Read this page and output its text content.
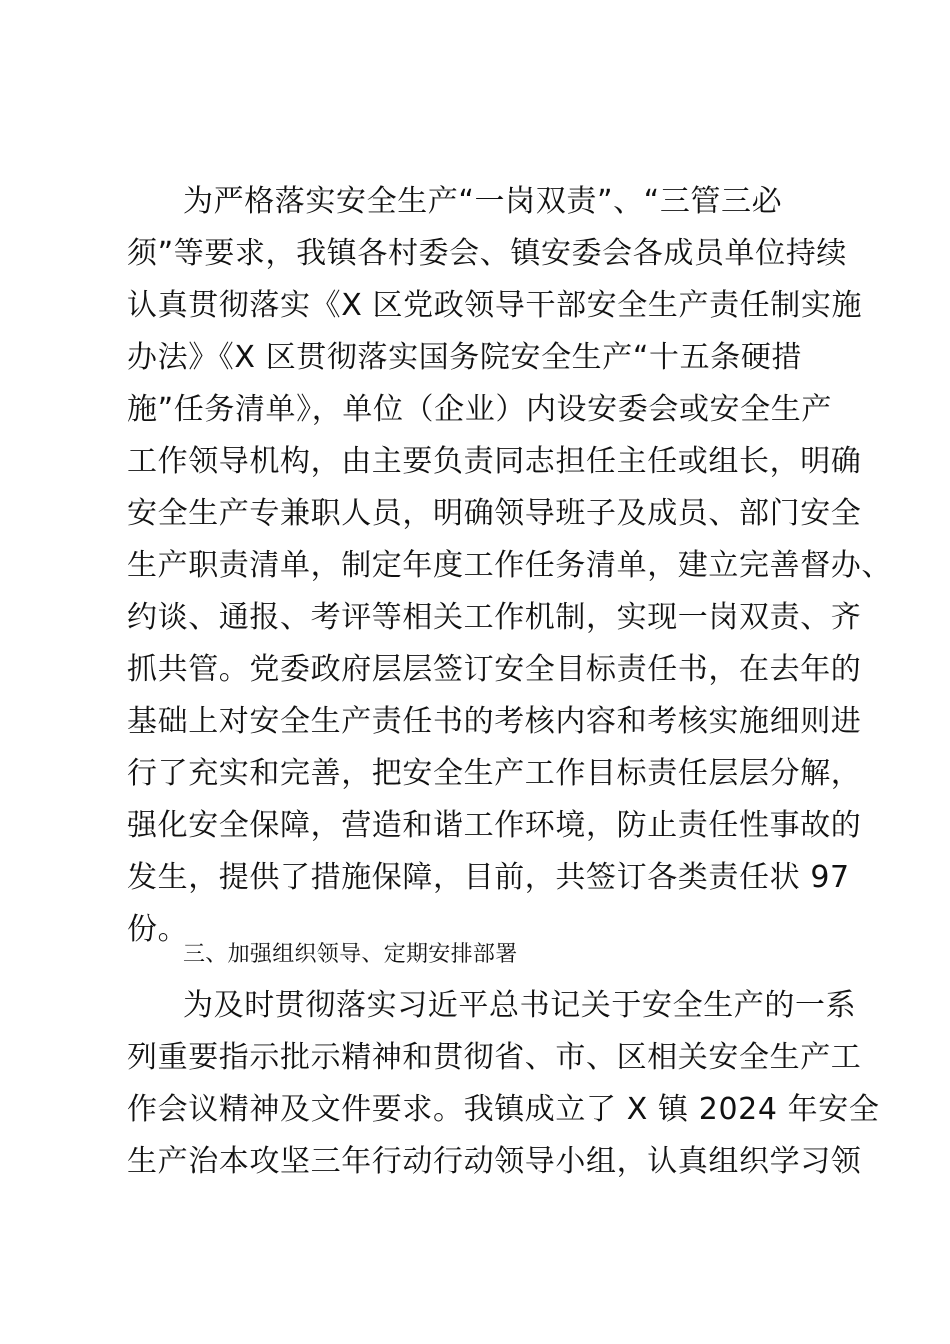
为严格落实安全生产“一岗双责”、“三管三必
须”等要求，我镇各村委会、镇安委会各成员单位持续
认真贯彻落实《X 区党政领导干部安全生产责任制实施
办法》《X 区贯彻落实国务院安全生产“十五条硬措
施”任务清单》，单位（企业）内设安委会或安全生产
工作领导机构，由主要负责同志担任主任或组长，明确
安全生产专兼职人员，明确领导班子及成员、部门安全
生产职责清单，制定年度工作任务清单，建立完善督办、
约谈、通报、考评等相关工作机制，实现一岗双责、齐
抓共管。党委政府层层签订安全目标责任书，在去年的
基础上对安全生产责任书的考核内容和考核实施细则进
行了充实和完善，把安全生产工作目标责任层层分解，
强化安全保障，营造和谐工作环境，防止责任性事故的
发生，提供了措施保障，目前，共签订各类责任状 97
份。
三、加强组织领导、定期安排部署
为及时贯彻落实习近平总书记关于安全生产的一系
列重要指示批示精神和贯彻省、市、区相关安全生产工
作会议精神及文件要求。我镇成立了 X 镇 2024 年安全
生产治本攻坚三年行动行动领导小组，认真组织学习领
